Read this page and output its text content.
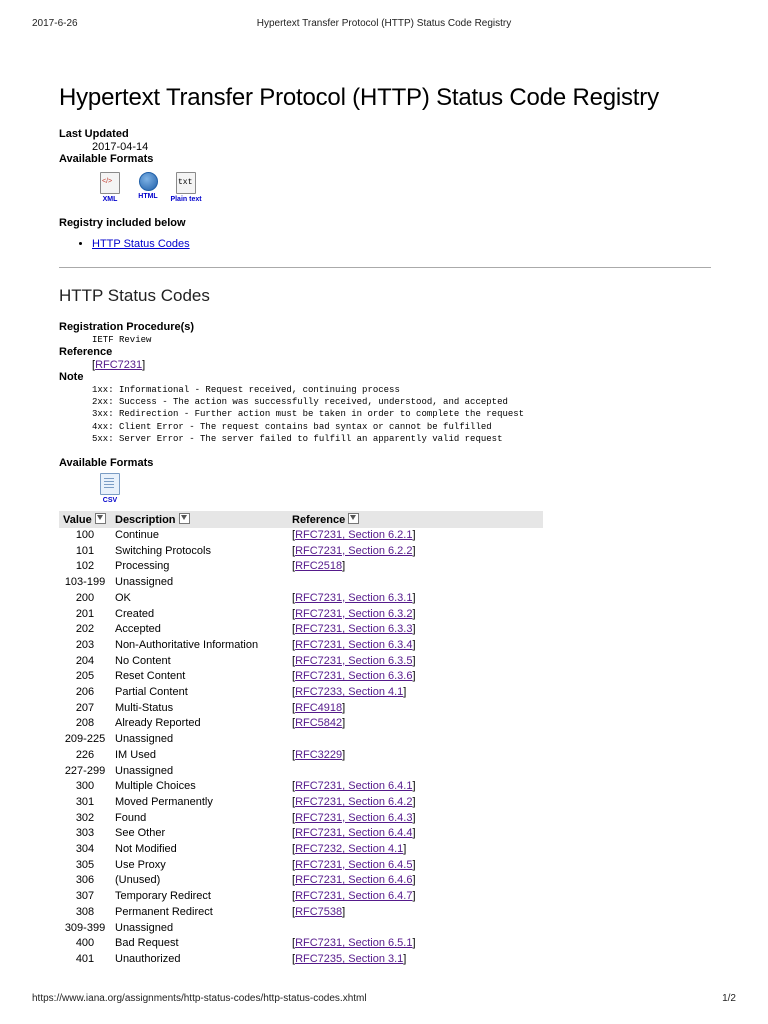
2017-6-26	Hypertext Transfer Protocol (HTTP) Status Code Registry
Hypertext Transfer Protocol (HTTP) Status Code Registry
Last Updated
2017-04-14
Available Formats
</>
XML	HTML
txt Plain text
Registry included below
• HTTP Status Codes
HTTP Status Codes
Registration Procedure(s)
IETF Review
Reference
[RFC7231]
Note
1xx: Informational - Request received, continuing process
2xx: Success - The action was successfully received, understood, and accepted
3xx: Redirection - Further action must be taken in order to complete the request
4xx: Client Error - The request contains bad syntax or cannot be fulfilled
5xx: Server Error - The server failed to fulfill an apparently valid request
Available Formats
CSV
Value	Description	Reference
100	Continue	[RFC7231, Section 6.2.1]
101	Switching Protocols	[RFC7231, Section 6.2.2]
102	Processing	[RFC2518]
103-199	Unassigned	
200	OK	[RFC7231, Section 6.3.1]
201	Created	[RFC7231, Section 6.3.2]
202	Accepted	[RFC7231, Section 6.3.3]
203	Non-Authoritative Information	[RFC7231, Section 6.3.4]
204	No Content	[RFC7231, Section 6.3.5]
205	Reset Content	[RFC7231, Section 6.3.6]
206	Partial Content	[RFC7233, Section 4.1]
207	Multi-Status	[RFC4918]
208	Already Reported	[RFC5842]
209-225	Unassigned	
226	IM Used	[RFC3229]
227-299	Unassigned	
300	Multiple Choices	[RFC7231, Section 6.4.1]
301	Moved Permanently	[RFC7231, Section 6.4.2]
302	Found	[RFC7231, Section 6.4.3]
303	See Other	[RFC7231, Section 6.4.4]
304	Not Modified	[RFC7232, Section 4.1]
305	Use Proxy	[RFC7231, Section 6.4.5]
306	(Unused)	[RFC7231, Section 6.4.6]
307	Temporary Redirect	[RFC7231, Section 6.4.7]
308	Permanent Redirect	[RFC7538]
309-399	Unassigned	
400	Bad Request	[RFC7231, Section 6.5.1]
401	Unauthorized	[RFC7235, Section 3.1]
https://www.iana.org/assignments/http-status-codes/http-status-codes.xhtml	1/2
